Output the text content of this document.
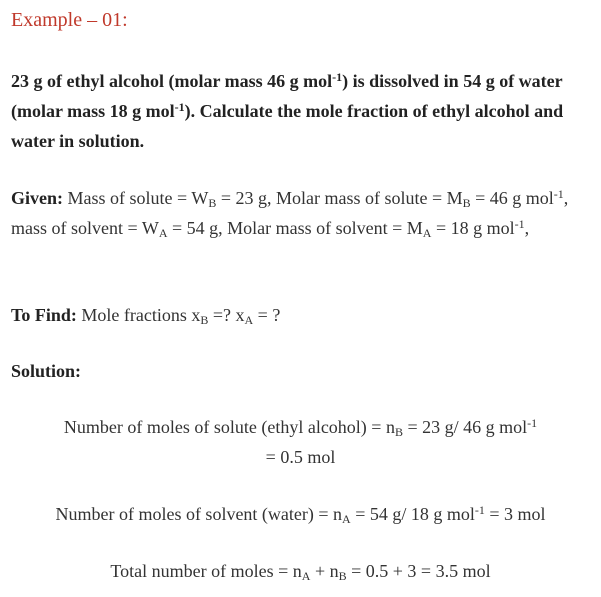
Example – 01:
23 g of ethyl alcohol (molar mass 46 g mol$^{-1}$) is dissolved in 54 g of water (molar mass 18 g mol$^{-1}$). Calculate the mole fraction of ethyl alcohol and water in solution.
Given: Mass of solute = $W_B = 23$ g, Molar mass of solute = $M_B = 46$ g mol$^{-1}$, mass of solvent = $W_A = 54$ g, Molar mass of solvent = $M_A = 18$ g mol$^{-1}$,
To Find: Mole fractions $x_B$ =? $x_A$ = ?
Solution:
Number of moles of solute (ethyl alcohol) = $n_B = 23$ g/ 46 g mol$^{-1}$
= 0.5 mol
Number of moles of solvent (water) = $n_A = 54$ g/ 18 g mol$^{-1}$ = 3 mol
Total number of moles = $n_A + n_B = 0.5 + 3 = 3.5$ mol
